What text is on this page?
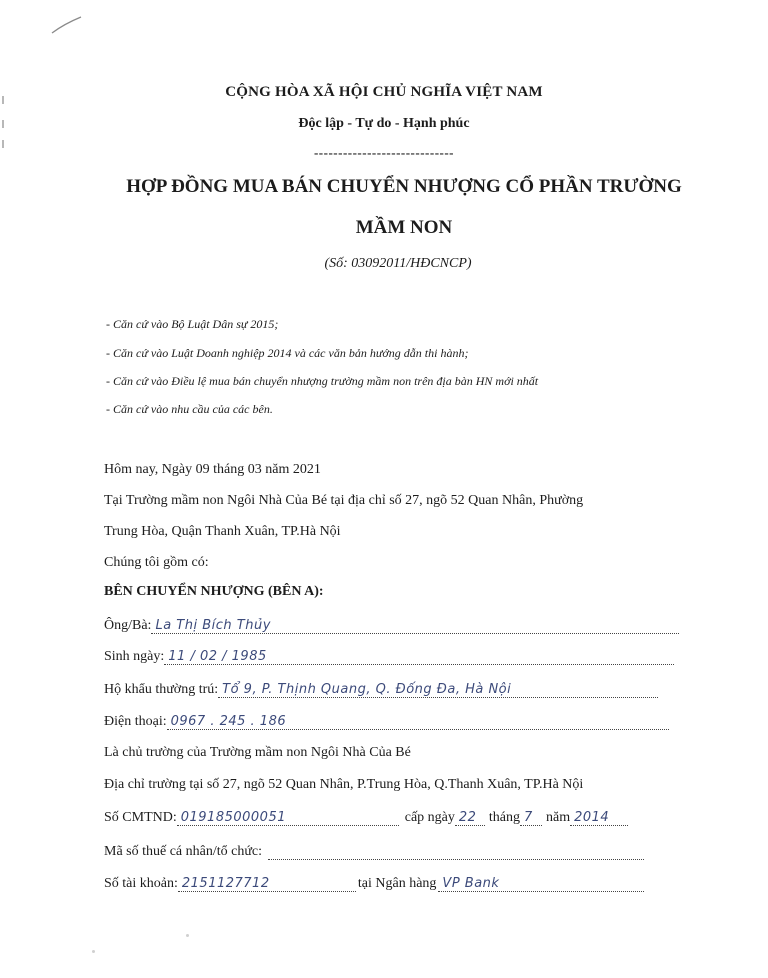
CỘNG HÒA XÃ HỘI CHỦ NGHĨA VIỆT NAM
Độc lập - Tự do - Hạnh phúc
-----------------------------
HỢP ĐỒNG MUA BÁN CHUYỂN NHƯỢNG CỔ PHẦN TRƯỜNG
MẦM NON
(Số: 03092011/HĐCNCP)
- Căn cứ vào Bộ Luật Dân sự 2015;
- Căn cứ vào Luật Doanh nghiệp 2014 và các văn bản hướng dẫn thi hành;
- Căn cứ vào Điều lệ mua bán chuyển nhượng trường mầm non trên địa bàn HN mới nhất
- Căn cứ vào nhu cầu của các bên.
Hôm nay, Ngày 09 tháng 03 năm 2021
Tại Trường mầm non Ngôi Nhà Của Bé tại địa chỉ số 27, ngõ 52 Quan Nhân, Phường
Trung Hòa, Quận Thanh Xuân, TP.Hà Nội
Chúng tôi gồm có:
BÊN CHUYỂN NHƯỢNG (BÊN A):
Ông/Bà: La Thị Bích Thủy
Sinh ngày: 11 / 02 / 1985
Hộ khẩu thường trú: Tổ 9, P. Thịnh Quang, Q. Đống Đa, Hà Nội
Điện thoại: 0967 . 245 . 186
Là chủ trường của Trường mầm non Ngôi Nhà Của Bé
Địa chỉ trường tại số 27, ngõ 52 Quan Nhân, P.Trung Hòa, Q.Thanh Xuân, TP.Hà Nội
Số CMTND: 019185000051	cấp ngày 22 tháng 7 năm 2014
Mã số thuế cá nhân/tổ chức:
Số tài khoản: 2151127712	tại Ngân hàng VP Bank
